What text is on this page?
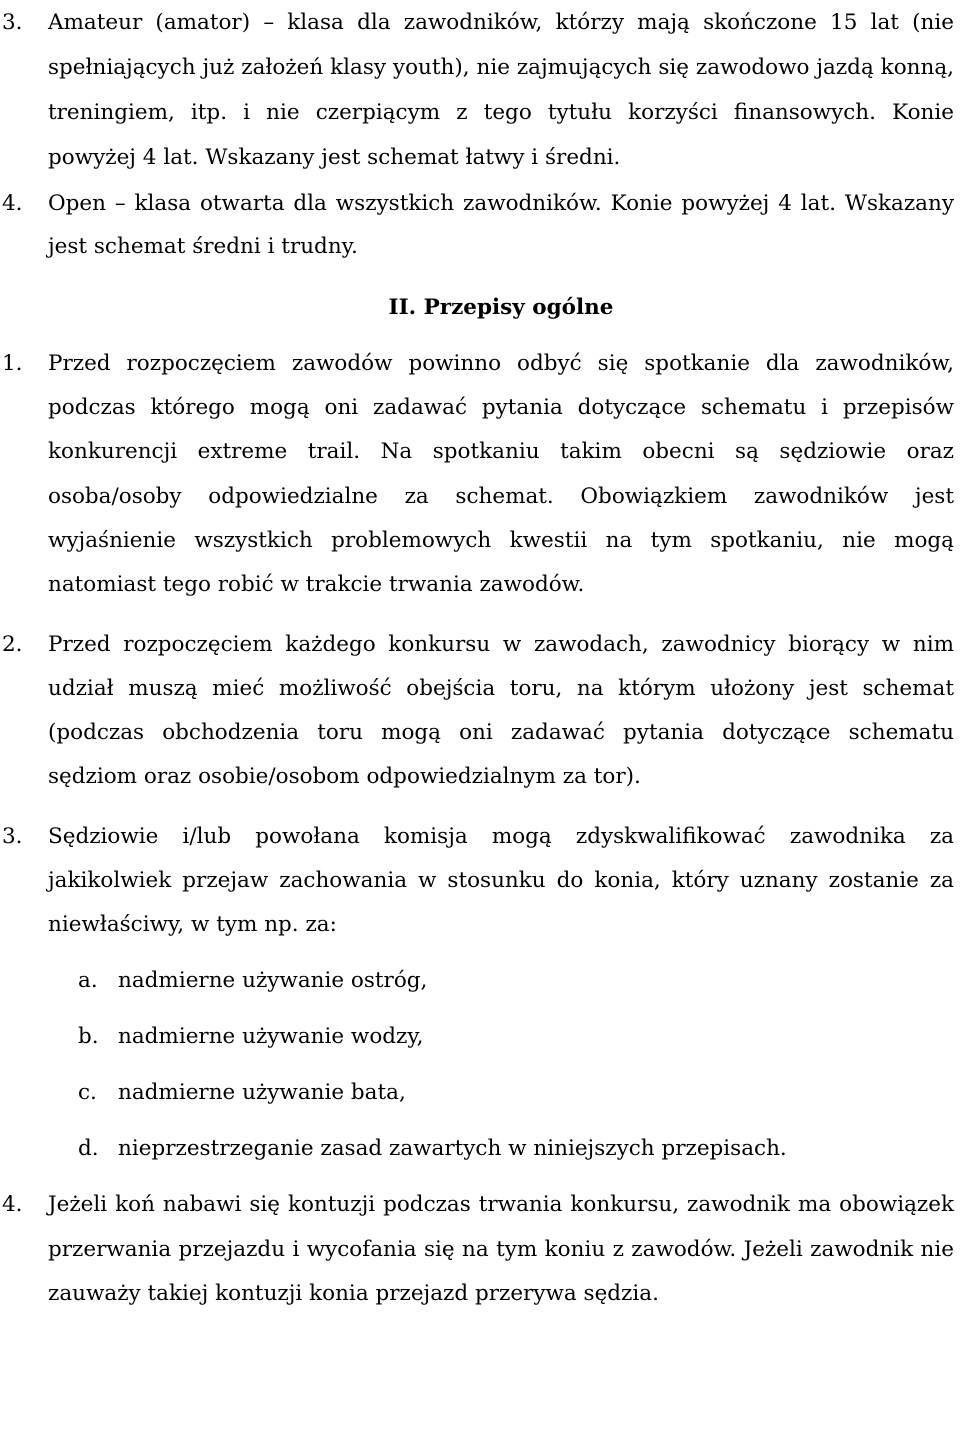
3. Amateur (amator) – klasa dla zawodników, którzy mają skończone 15 lat (nie spełniających już założeń klasy youth), nie zajmujących się zawodowo jazdą konną, treningiem, itp. i nie czerpiącym z tego tytułu korzyści finansowych. Konie powyżej 4 lat. Wskazany jest schemat łatwy i średni.
4. Open – klasa otwarta dla wszystkich zawodników. Konie powyżej 4 lat. Wskazany jest schemat średni i trudny.
II. Przepisy ogólne
1. Przed rozpoczęciem zawodów powinno odbyć się spotkanie dla zawodników, podczas którego mogą oni zadawać pytania dotyczące schematu i przepisów konkurencji extreme trail. Na spotkaniu takim obecni są sędziowie oraz osoba/osoby odpowiedzialne za schemat. Obowiązkiem zawodników jest wyjaśnienie wszystkich problemowych kwestii na tym spotkaniu, nie mogą natomiast tego robić w trakcie trwania zawodów.
2. Przed rozpoczęciem każdego konkursu w zawodach, zawodnicy biorący w nim udział muszą mieć możliwość obejścia toru, na którym ułożony jest schemat (podczas obchodzenia toru mogą oni zadawać pytania dotyczące schematu sędziom oraz osobie/osobom odpowiedzialnym za tor).
3. Sędziowie i/lub powołana komisja mogą zdyskwalifikować zawodnika za jakikolwiek przejaw zachowania w stosunku do konia, który uznany zostanie za niewłaściwy, w tym np. za:
a. nadmierne używanie ostróg,
b. nadmierne używanie wodzy,
c. nadmierne używanie bata,
d. nieprzestrzeganie zasad zawartych w niniejszych przepisach.
4. Jeżeli koń nabawi się kontuzji podczas trwania konkursu, zawodnik ma obowiązek przerwania przejazdu i wycofania się na tym koniu z zawodów. Jeżeli zawodnik nie zauważy takiej kontuzji konia przejazd przerywa sędzia.
